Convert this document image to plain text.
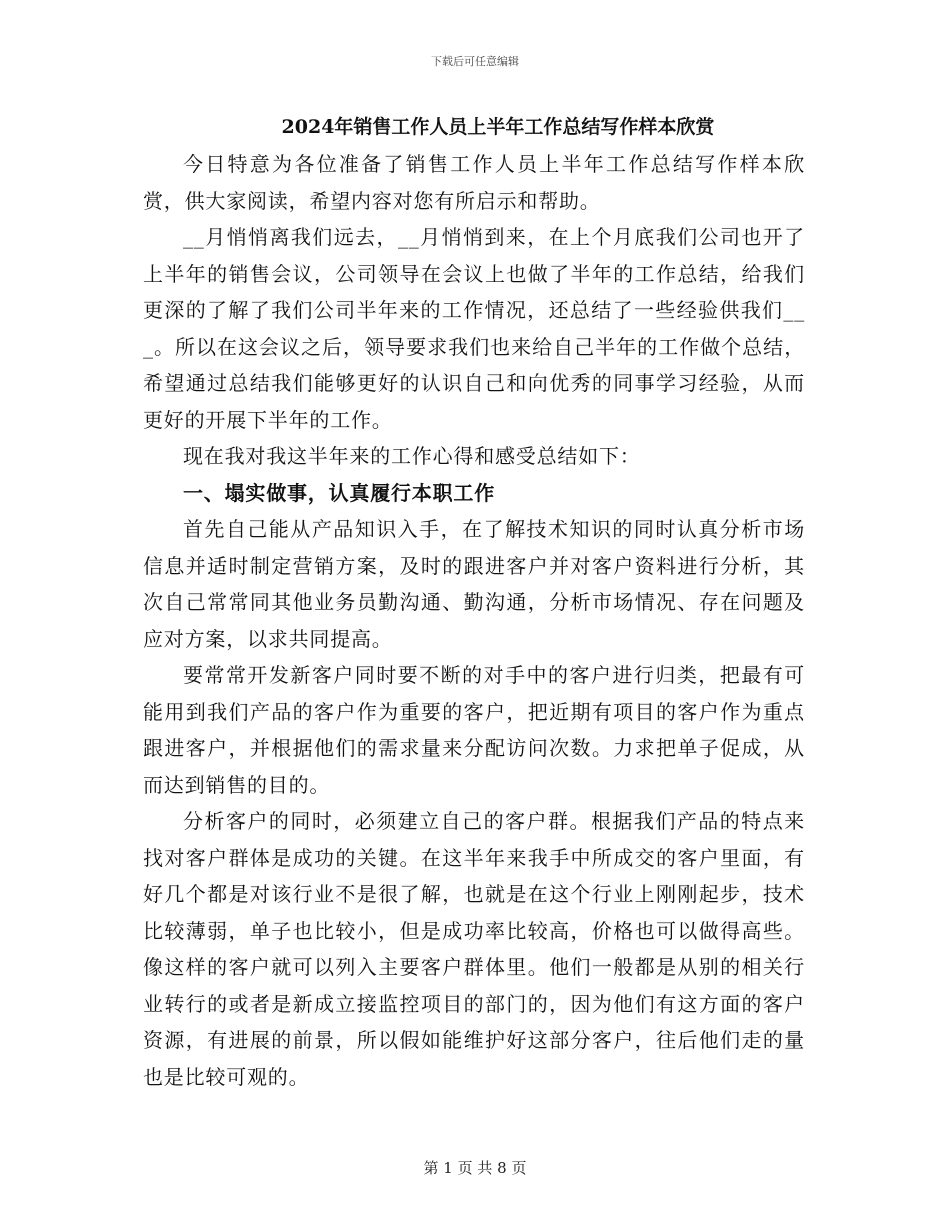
下载后可任意编辑
2024年销售工作人员上半年工作总结写作样本欣赏

今日特意为各位准备了销售工作人员上半年工作总结写作样本欣赏，供大家阅读，希望内容对您有所启示和帮助。

__月悄悄离我们远去，__月悄悄到来，在上个月底我们公司也开了上半年的销售会议，公司领导在会议上也做了半年的工作总结，给我们更深的了解了我们公司半年来的工作情况，还总结了一些经验供我们___。所以在这会议之后，领导要求我们也来给自己半年的工作做个总结，希望通过总结我们能够更好的认识自己和向优秀的同事学习经验，从而更好的开展下半年的工作。

现在我对我这半年来的工作心得和感受总结如下：

一、塌实做事，认真履行本职工作

首先自己能从产品知识入手，在了解技术知识的同时认真分析市场信息并适时制定营销方案，及时的跟进客户并对客户资料进行分析，其次自己常常同其他业务员勤沟通、勤沟通，分析市场情况、存在问题及应对方案，以求共同提高。

要常常开发新客户同时要不断的对手中的客户进行归类，把最有可能用到我们产品的客户作为重要的客户，把近期有项目的客户作为重点跟进客户，并根据他们的需求量来分配访问次数。力求把单子促成，从而达到销售的目的。

分析客户的同时，必须建立自己的客户群。根据我们产品的特点来找对客户群体是成功的关键。在这半年来我手中所成交的客户里面，有好几个都是对该行业不是很了解，也就是在这个行业上刚刚起步，技术比较薄弱，单子也比较小，但是成功率比较高，价格也可以做得高些。像这样的客户就可以列入主要客户群体里。他们一般都是从别的相关行业转行的或者是新成立接监控项目的部门的，因为他们有这方面的客户资源，有进展的前景，所以假如能维护好这部分客户，往后他们走的量也是比较可观的。

第 1 页 共 8 页
